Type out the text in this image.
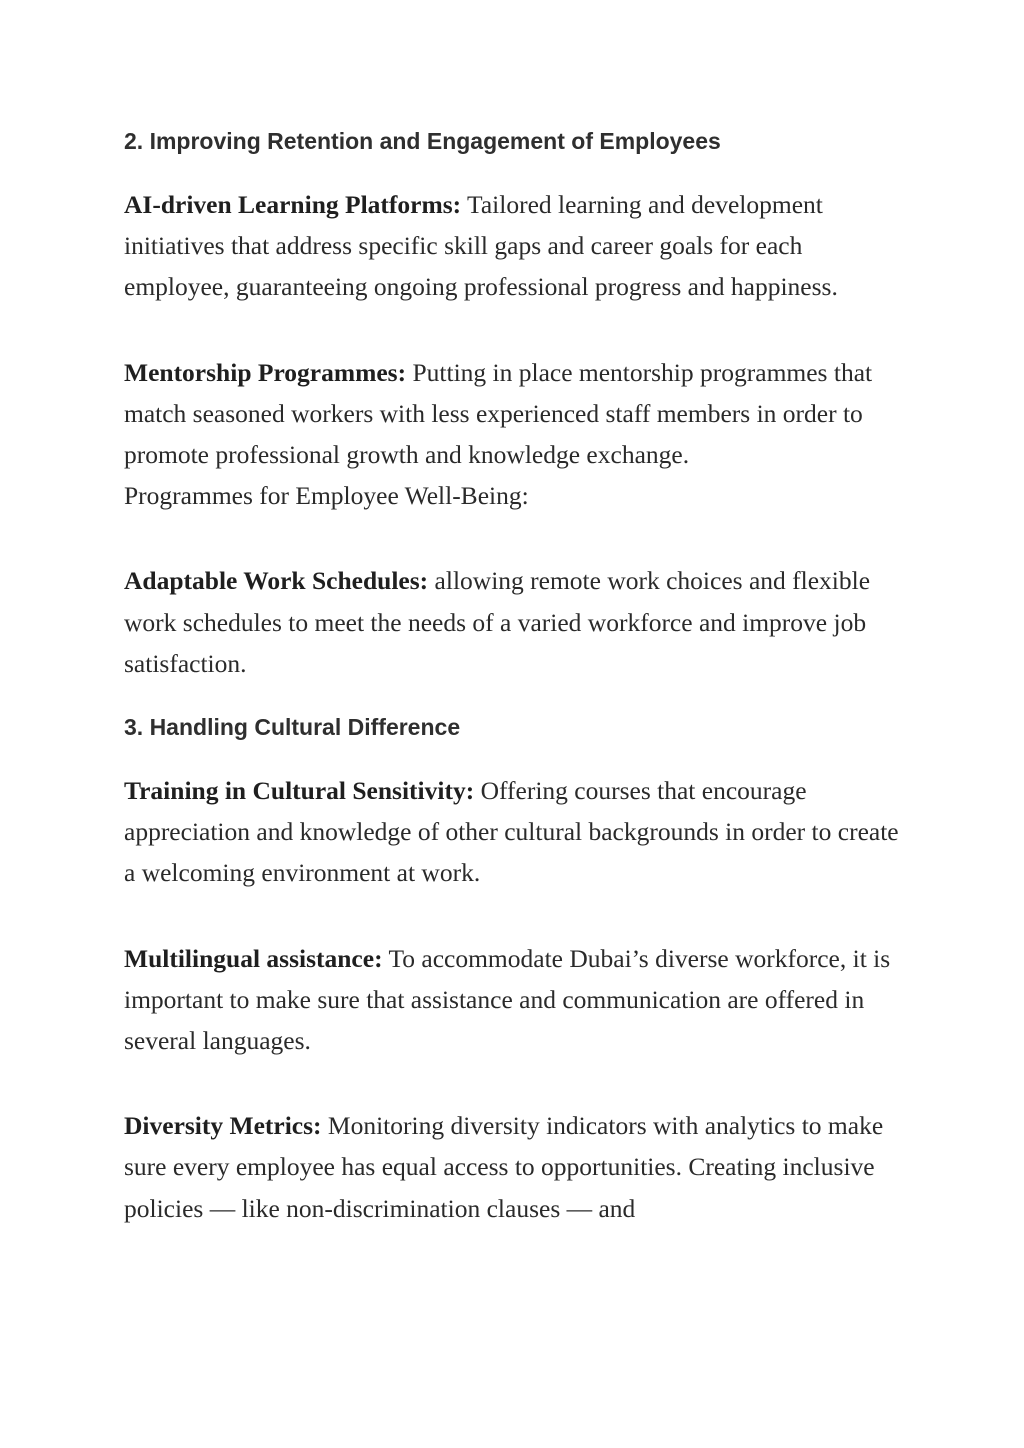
2. Improving Retention and Engagement of Employees

AI-driven Learning Platforms: Tailored learning and development initiatives that address specific skill gaps and career goals for each employee, guaranteeing ongoing professional progress and happiness.

Mentorship Programmes: Putting in place mentorship programmes that match seasoned workers with less experienced staff members in order to promote professional growth and knowledge exchange.

Programmes for Employee Well-Being:

Adaptable Work Schedules: allowing remote work choices and flexible work schedules to meet the needs of a varied workforce and improve job satisfaction.

3. Handling Cultural Difference

Training in Cultural Sensitivity: Offering courses that encourage appreciation and knowledge of other cultural backgrounds in order to create a welcoming environment at work.

Multilingual assistance: To accommodate Dubai’s diverse workforce, it is important to make sure that assistance and communication are offered in several languages.

Diversity Metrics: Monitoring diversity indicators with analytics to make sure every employee has equal access to opportunities. Creating inclusive policies — like non-discrimination clauses — and
